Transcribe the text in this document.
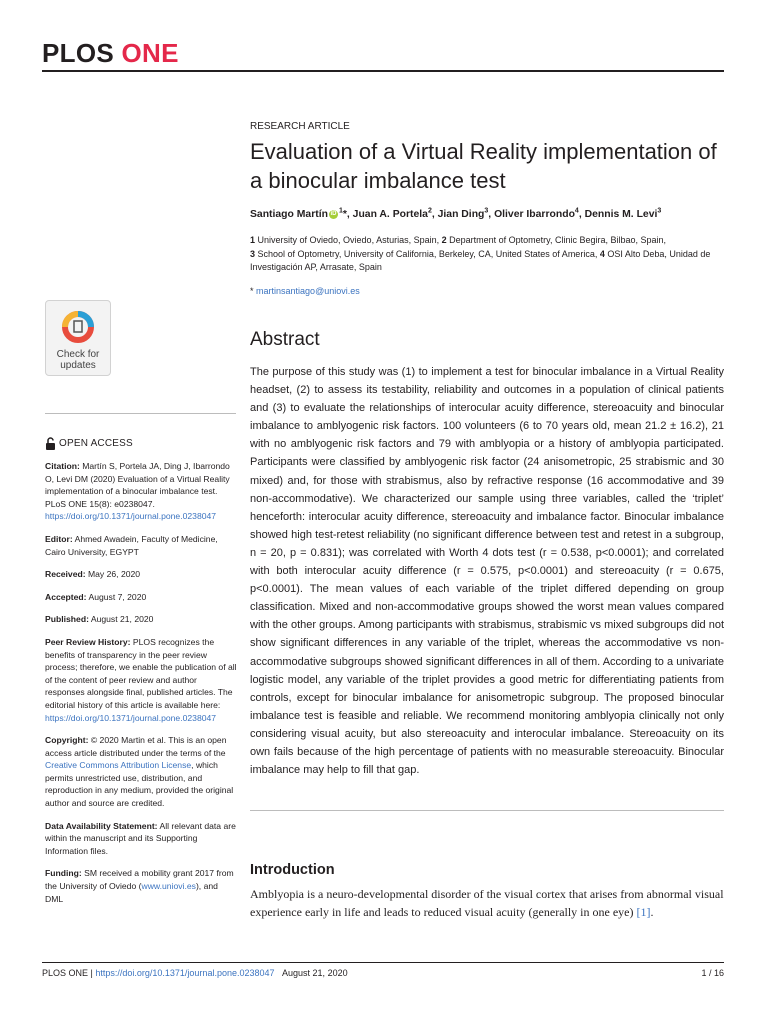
PLOS ONE
RESEARCH ARTICLE
Evaluation of a Virtual Reality implementation of a binocular imbalance test
Santiago Martín iD $^1$*, Juan A. Portela$^2$, Jian Ding$^3$, Oliver Ibarrondo$^4$, Dennis M. Levi$^3$
1 University of Oviedo, Oviedo, Asturias, Spain, 2 Department of Optometry, Clinic Begira, Bilbao, Spain,
3 School of Optometry, University of California, Berkeley, CA, United States of America, 4 OSI Alto Deba, Unidad de Investigación AP, Arrasate, Spain
* martinsantiago@uniovi.es
Check for
updates
OPEN ACCESS

Citation: Martín S, Portela JA, Ding J, Ibarrondo O, Levi DM (2020) Evaluation of a Virtual Reality implementation of a binocular imbalance test. PLoS ONE 15(8): e0238047. https://doi.org/10.1371/journal.pone.0238047

Editor: Ahmed Awadein, Faculty of Medicine, Cairo University, EGYPT

Received: May 26, 2020

Accepted: August 7, 2020

Published: August 21, 2020

Peer Review History: PLOS recognizes the benefits of transparency in the peer review process; therefore, we enable the publication of all of the content of peer review and author responses alongside final, published articles. The editorial history of this article is available here: https://doi.org/10.1371/journal.pone.0238047

Copyright: © 2020 Martin et al. This is an open access article distributed under the terms of the Creative Commons Attribution License, which permits unrestricted use, distribution, and reproduction in any medium, provided the original author and source are credited.

Data Availability Statement: All relevant data are within the manuscript and its Supporting Information files.

Funding: SM received a mobility grant 2017 from the University of Oviedo (www.uniovi.es), and DML

Abstract
The purpose of this study was (1) to implement a test for binocular imbalance in a Virtual Reality headset, (2) to assess its testability, reliability and outcomes in a population of clinical patients and (3) to evaluate the relationships of interocular acuity difference, stereoacuity and binocular imbalance to amblyogenic risk factors. 100 volunteers (6 to 70 years old, mean 21.2 ± 16.2), 21 with no amblyogenic risk factors and 79 with amblyopia or a history of amblyopia participated. Participants were classified by amblyogenic risk factor (24 anisometropic, 25 strabismic and 30 mixed) and, for those with strabismus, also by refractive response (16 accommodative and 39 non-accommodative). We characterized our sample using three variables, called the ‘triplet’ henceforth: interocular acuity difference, stereoacuity and imbalance factor. Binocular imbalance showed high test-retest reliability (no significant difference between test and retest in a subgroup, n = 20, p = 0.831); was correlated with Worth 4 dots test (r = 0.538, p<0.0001); and correlated with both interocular acuity difference (r = 0.575, p<0.0001) and stereoacuity (r = 0.675, p<0.0001). The mean values of each variable of the triplet differed depending on group classification. Mixed and non-accommodative groups showed the worst mean values compared with the other groups. Among participants with strabismus, strabismic vs mixed subgroups did not show significant differences in any variable of the triplet, whereas the accommodative vs non-accommodative subgroups showed significant differences in all of them. According to a univariate logistic model, any variable of the triplet provides a good metric for differentiating patients from controls, except for binocular imbalance for anisometropic subgroup. The proposed binocular imbalance test is feasible and reliable. We recommend monitoring amblyopia clinically not only considering visual acuity, but also stereoacuity and interocular imbalance. Stereoacuity on its own fails because of the high percentage of patients with no measurable stereoacuity. Binocular imbalance may help to fill that gap.
Introduction
Amblyopia is a neuro-developmental disorder of the visual cortex that arises from abnormal visual experience early in life and leads to reduced visual acuity (generally in one eye) [1].
PLOS ONE | https://doi.org/10.1371/journal.pone.0238047 August 21, 2020	1 / 16
